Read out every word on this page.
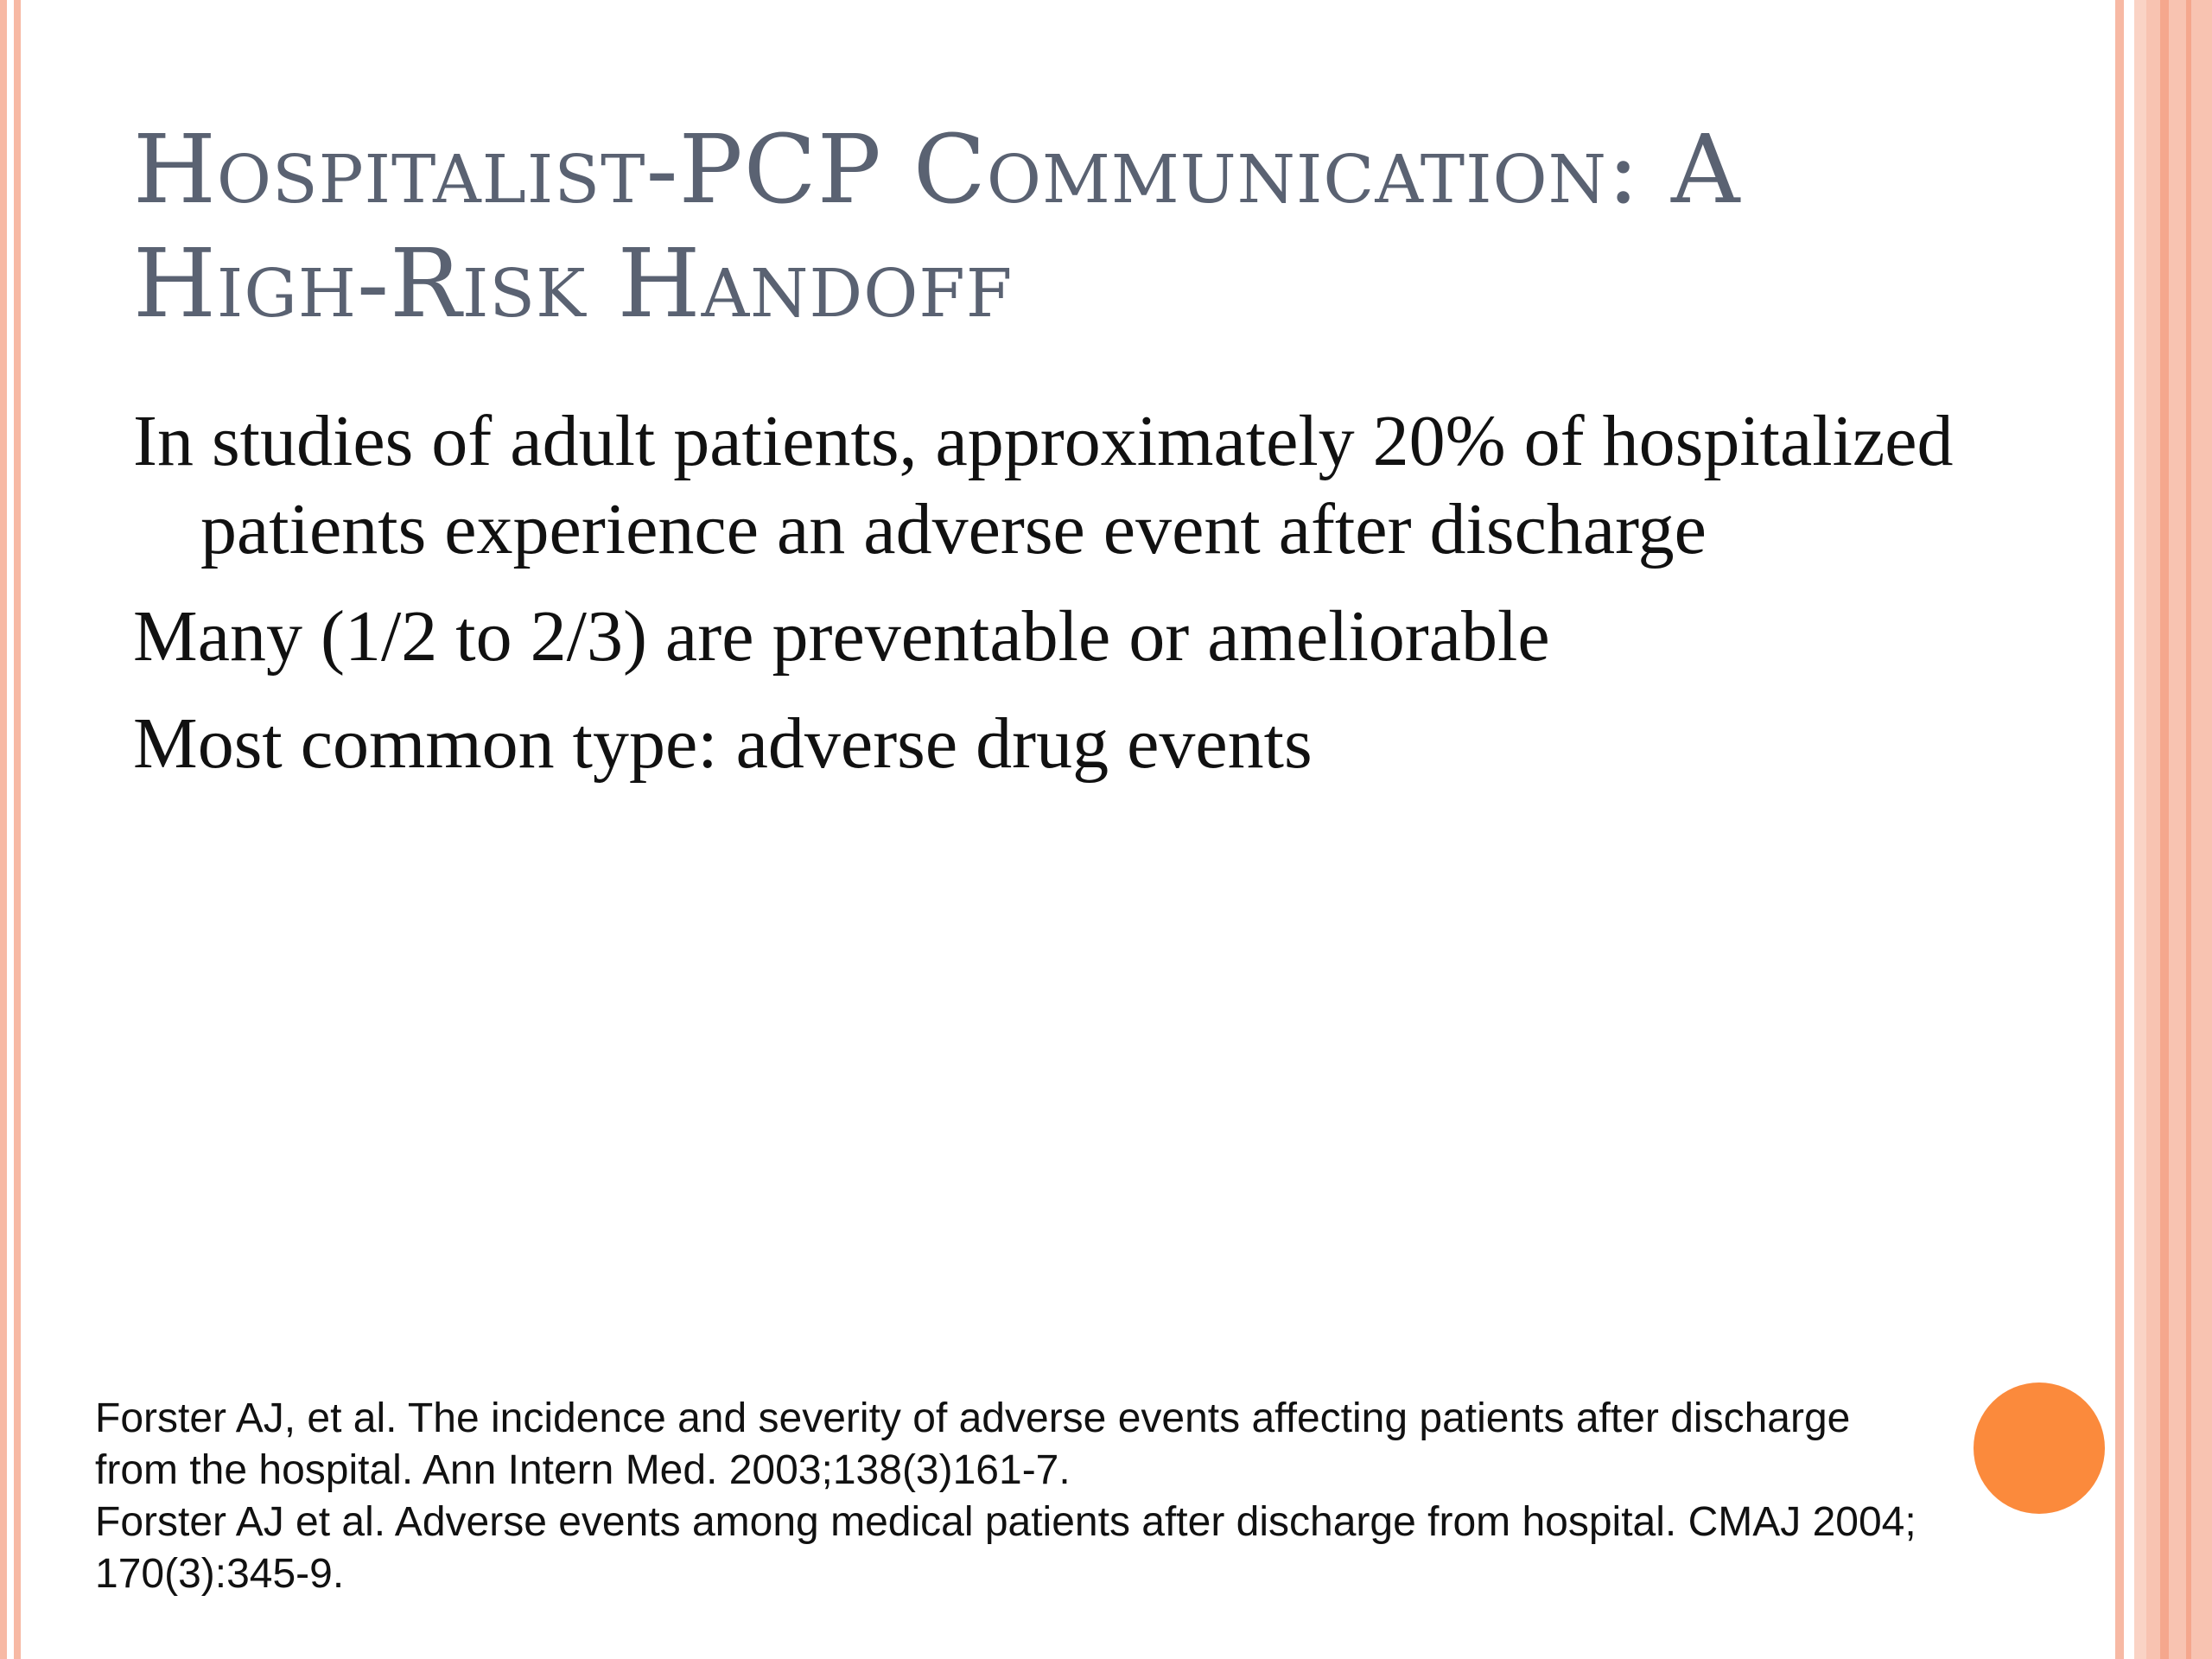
Hospitalist-PCP Communication: A
High-Risk Handoff

In studies of adult patients, approximately 20% of hospitalized patients experience an adverse event after discharge

Many (1/2 to 2/3) are preventable or ameliorable

Most common type: adverse drug events

Forster AJ, et al. The incidence and severity of adverse events affecting patients after discharge from the hospital. Ann Intern Med. 2003;138(3)161-7.

Forster AJ et al. Adverse events among medical patients after discharge from hospital. CMAJ 2004; 170(3):345-9.
